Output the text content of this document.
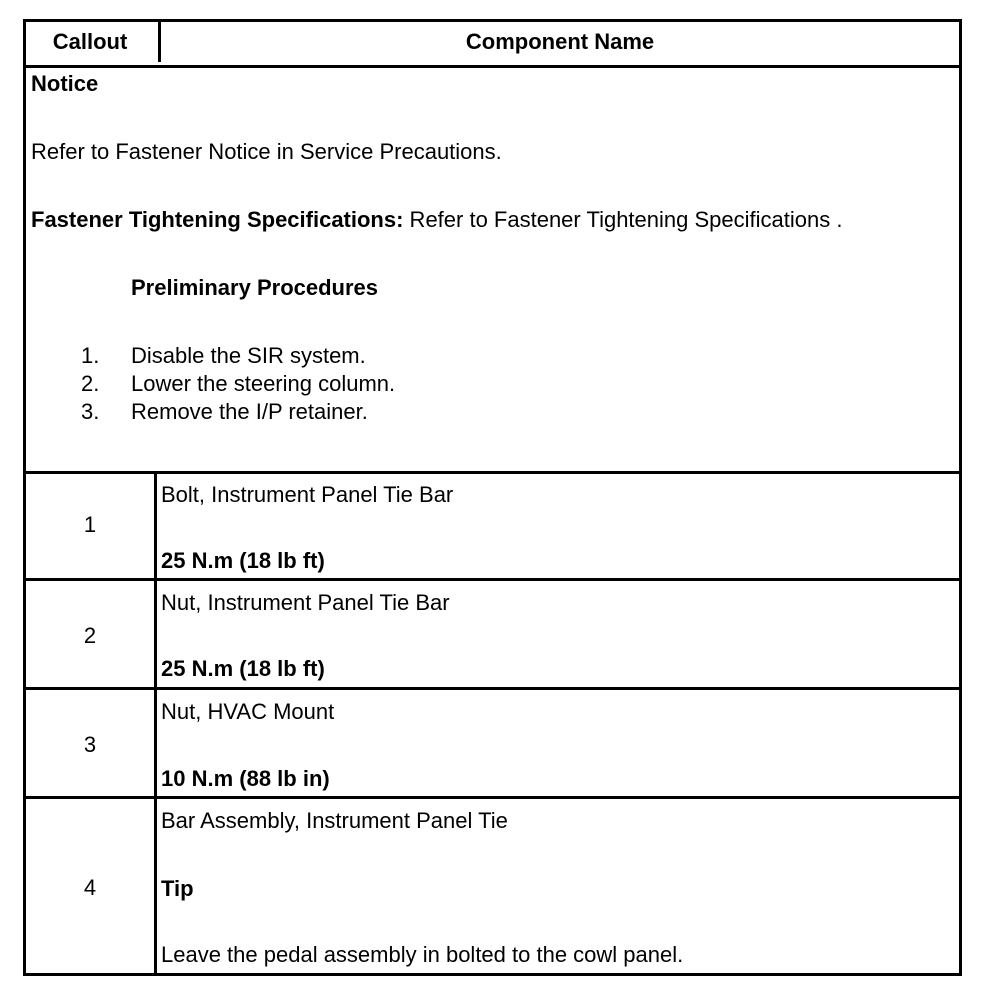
Callout	Component Name
Notice
Refer to Fastener Notice in Service Precautions.
Fastener Tightening Specifications: Refer to Fastener Tightening Specifications .
Preliminary Procedures
1. Disable the SIR system.
2. Lower the steering column.
3. Remove the I/P retainer.
1
Bolt, Instrument Panel Tie Bar
25 N.m (18 lb ft)
2
Nut, Instrument Panel Tie Bar
25 N.m (18 lb ft)
3
Nut, HVAC Mount
10 N.m (88 lb in)
4
Bar Assembly, Instrument Panel Tie
Tip
Leave the pedal assembly in bolted to the cowl panel.
